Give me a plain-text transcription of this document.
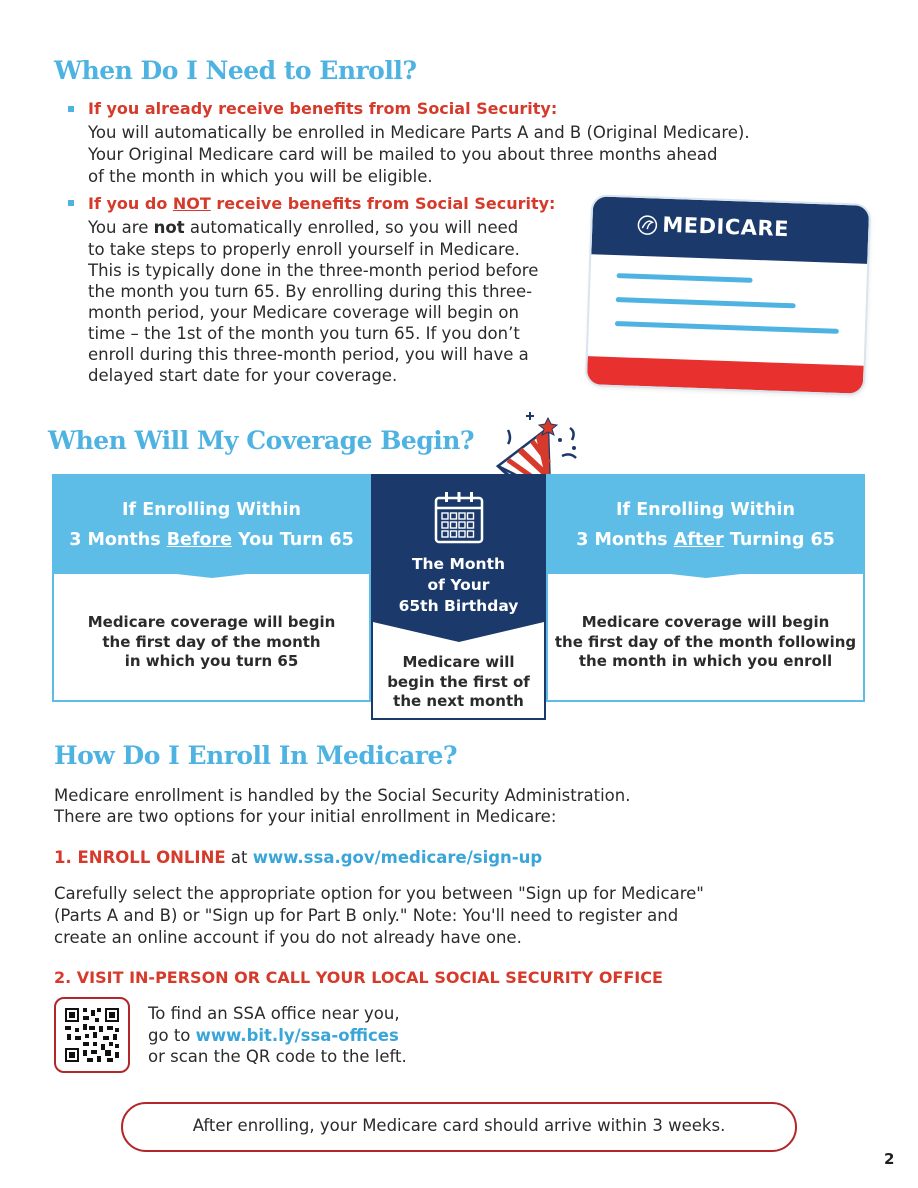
When Do I Need to Enroll?
If you already receive benefits from Social Security:
You will automatically be enrolled in Medicare Parts A and B (Original Medicare).
Your Original Medicare card will be mailed to you about three months ahead
of the month in which you will be eligible.
If you do NOT receive benefits from Social Security:
You are not automatically enrolled, so you will need
to take steps to properly enroll yourself in Medicare.
This is typically done in the three-month period before
the month you turn 65. By enrolling during this three-
month period, your Medicare coverage will begin on
time – the 1st of the month you turn 65. If you don’t
enroll during this three-month period, you will have a
delayed start date for your coverage.
MEDICARE
When Will My Coverage Begin?
If Enrolling Within
3 Months Before You Turn 65
Medicare coverage will begin
the first day of the month
in which you turn 65
If Enrolling Within
3 Months After Turning 65
Medicare coverage will begin
the first day of the month following
the month in which you enroll
The Month
of Your
65th Birthday
Medicare will
begin the first of
the next month
How Do I Enroll In Medicare?
Medicare enrollment is handled by the Social Security Administration.
There are two options for your initial enrollment in Medicare:
1. ENROLL ONLINE at www.ssa.gov/medicare/sign-up
Carefully select the appropriate option for you between "Sign up for Medicare"
(Parts A and B) or "Sign up for Part B only." Note: You'll need to register and
create an online account if you do not already have one.
2. VISIT IN-PERSON OR CALL YOUR LOCAL SOCIAL SECURITY OFFICE
To find an SSA office near you,
go to www.bit.ly/ssa-offices
or scan the QR code to the left.
After enrolling, your Medicare card should arrive within 3 weeks.
2
